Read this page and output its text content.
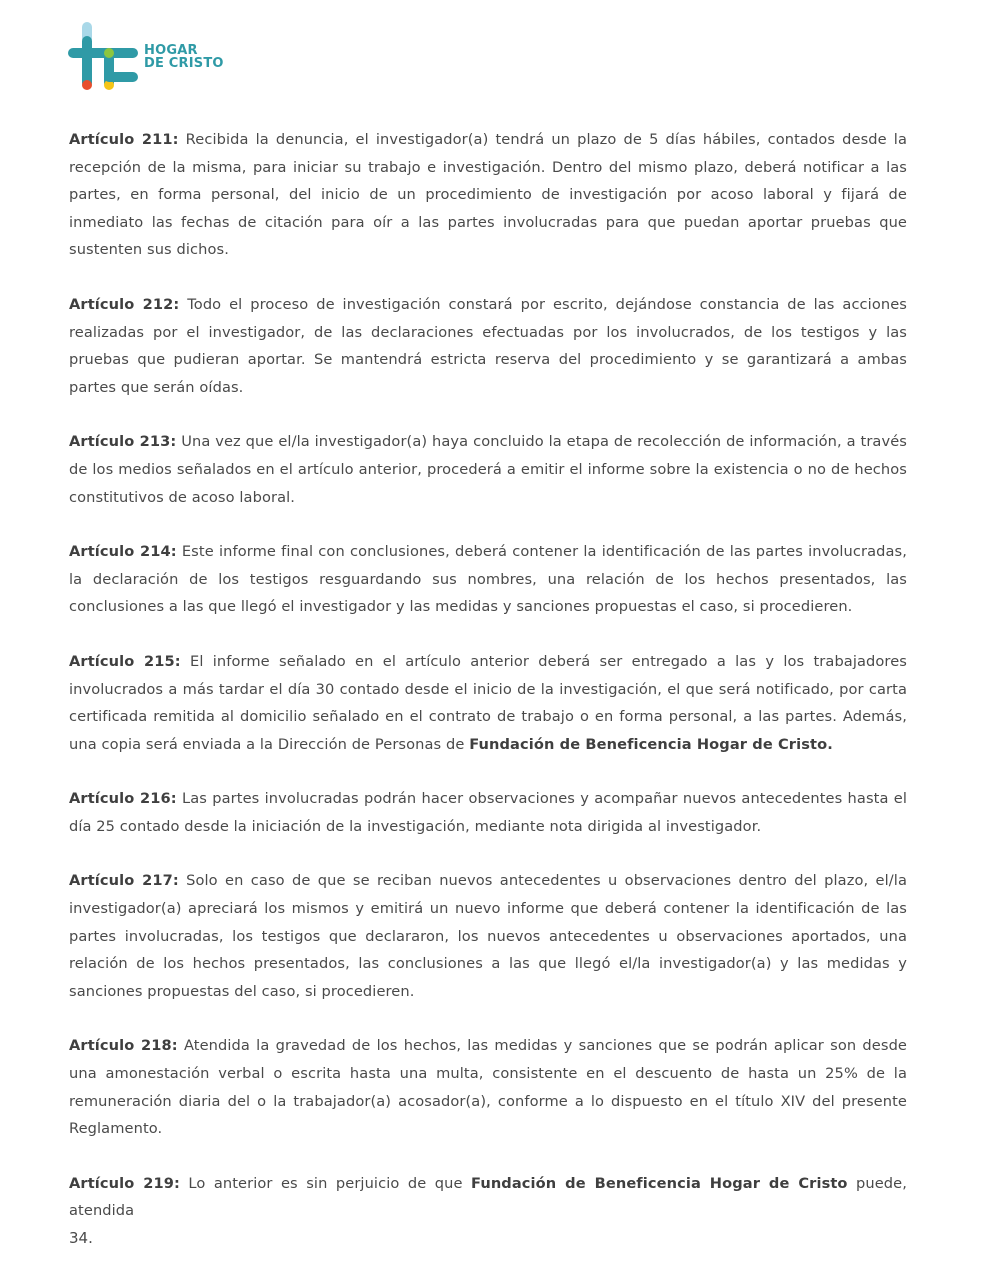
HOGAR
DE CRISTO

Artículo 211: Recibida la denuncia, el investigador(a) tendrá un plazo de 5 días hábiles, contados desde la recepción de la misma, para iniciar su trabajo e investigación. Dentro del mismo plazo, deberá notificar a las partes, en forma personal, del inicio de un procedimiento de investigación por acoso laboral y fijará de inmediato las fechas de citación para oír a las partes involucradas para que puedan aportar pruebas que sustenten sus dichos.

Artículo 212: Todo el proceso de investigación constará por escrito, dejándose constancia de las acciones realizadas por el investigador, de las declaraciones efectuadas por los involucrados, de los testigos y las pruebas que pudieran aportar. Se mantendrá estricta reserva del procedimiento y se garantizará a ambas partes que serán oídas.

Artículo 213: Una vez que el/la investigador(a) haya concluido la etapa de recolección de información, a través de los medios señalados en el artículo anterior, procederá a emitir el informe sobre la existencia o no de hechos constitutivos de acoso laboral.

Artículo 214: Este informe final con conclusiones, deberá contener la identificación de las partes involucradas, la declaración de los testigos resguardando sus nombres, una relación de los hechos presentados, las conclusiones a las que llegó el investigador y las medidas y sanciones propuestas el caso, si procedieren.

Artículo 215: El informe señalado en el artículo anterior deberá ser entregado a las y los trabajadores involucrados a más tardar el día 30 contado desde el inicio de la investigación, el que será notificado, por carta certificada remitida al domicilio señalado en el contrato de trabajo o en forma personal, a las partes. Además, una copia será enviada a la Dirección de Personas de Fundación de Beneficencia Hogar de Cristo.

Artículo 216: Las partes involucradas podrán hacer observaciones y acompañar nuevos antecedentes hasta el día 25 contado desde la iniciación de la investigación, mediante nota dirigida al investigador.

Artículo 217: Solo en caso de que se reciban nuevos antecedentes u observaciones dentro del plazo, el/la investigador(a) apreciará los mismos y emitirá un nuevo informe que deberá contener la identificación de las partes involucradas, los testigos que declararon, los nuevos antecedentes u observaciones aportados, una relación de los hechos presentados, las conclusiones a las que llegó el/la investigador(a) y las medidas y sanciones propuestas del caso, si procedieren.

Artículo 218: Atendida la gravedad de los hechos, las medidas y sanciones que se podrán aplicar son desde una amonestación verbal o escrita hasta una multa, consistente en el descuento de hasta un 25% de la remuneración diaria del o la trabajador(a) acosador(a), conforme a lo dispuesto en el título XIV del presente Reglamento.

Artículo 219: Lo anterior es sin perjuicio de que Fundación de Beneficencia Hogar de Cristo puede, atendida

34.
